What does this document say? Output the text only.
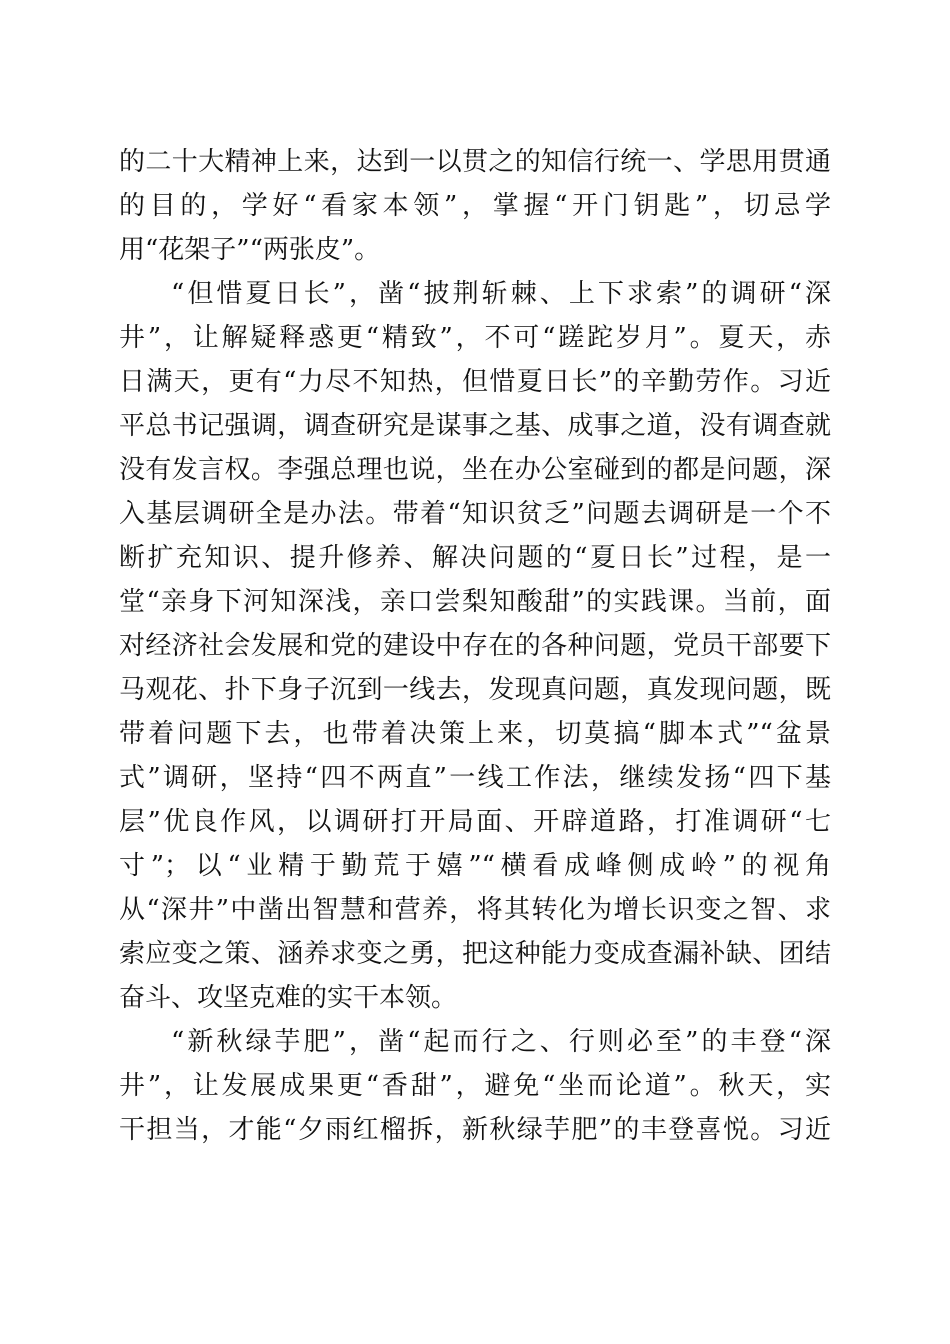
的二十大精神上来，达到一以贯之的知信行统一、学思用贯通
的目的，学好“看家本领”，掌握“开门钥匙”，切忌学
用“花架子”“两张皮”。
“但惜夏日长”，凿“披荆斩棘、上下求索”的调研“深
井”，让解疑释惑更“精致”，不可“蹉跎岁月”。夏天，赤
日满天，更有“力尽不知热，但惜夏日长”的辛勤劳作。习近
平总书记强调，调查研究是谋事之基、成事之道，没有调查就
没有发言权。李强总理也说，坐在办公室碰到的都是问题，深
入基层调研全是办法。带着“知识贫乏”问题去调研是一个不
断扩充知识、提升修养、解决问题的“夏日长”过程，是一
堂“亲身下河知深浅，亲口尝梨知酸甜”的实践课。当前，面
对经济社会发展和党的建设中存在的各种问题，党员干部要下
马观花、扑下身子沉到一线去，发现真问题，真发现问题，既
带着问题下去，也带着决策上来，切莫搞“脚本式”“盆景
式”调研，坚持“四不两直”一线工作法，继续发扬“四下基
层”优良作风，以调研打开局面、开辟道路，打准调研“七
寸”；以“业精于勤荒于嬉”“横看成峰侧成岭”的视角
从“深井”中凿出智慧和营养，将其转化为增长识变之智、求
索应变之策、涵养求变之勇，把这种能力变成查漏补缺、团结
奋斗、攻坚克难的实干本领。
“新秋绿芋肥”，凿“起而行之、行则必至”的丰登“深
井”，让发展成果更“香甜”，避免“坐而论道”。秋天，实
干担当，才能“夕雨红榴拆，新秋绿芋肥”的丰登喜悦。习近
